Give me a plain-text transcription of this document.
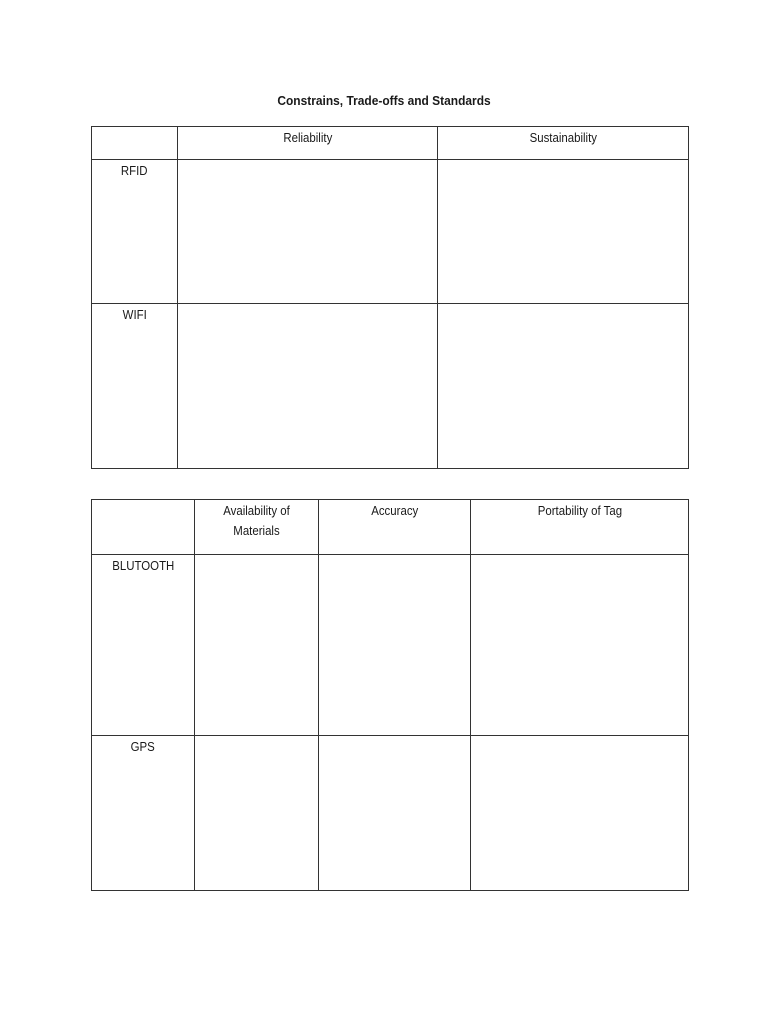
Constrains, Trade-offs and Standards
	Reliability	Sustainability
RFID		
WIFI		
	Availability of Materials	Accuracy	Portability of Tag
BLUTOOTH			
GPS			
